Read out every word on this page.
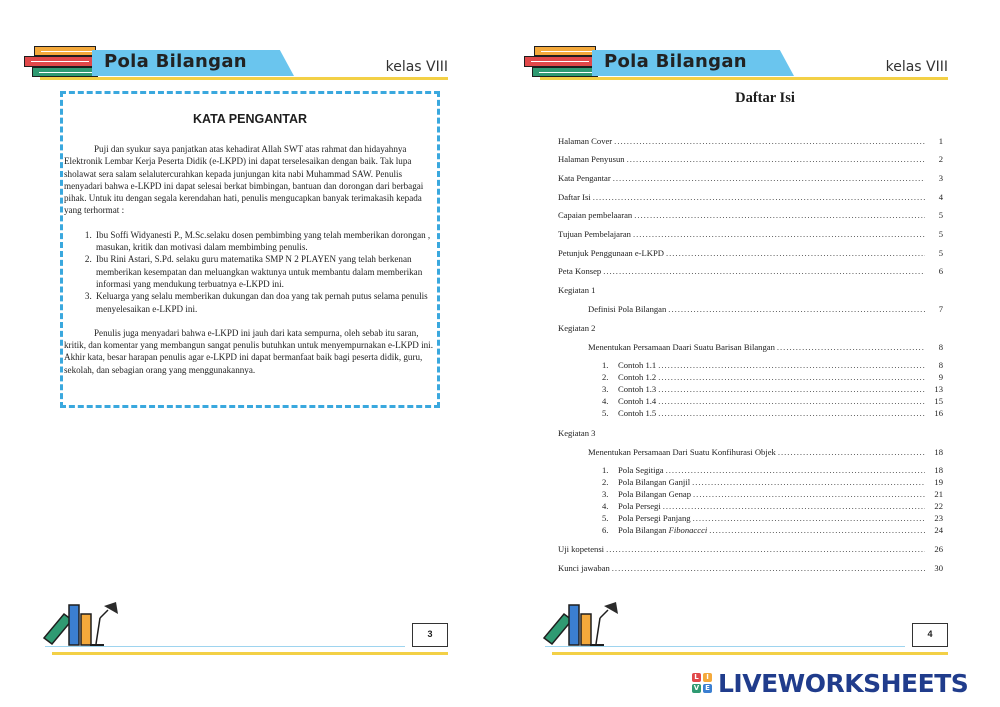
Pola Bilangan	kelas VIII
KATA PENGANTAR

Puji dan syukur saya panjatkan atas kehadirat Allah SWT atas rahmat dan hidayahnya Elektronik Lembar Kerja Peserta Didik (e-LKPD) ini dapat terselesaikan dengan baik. Tak lupa sholawat sera salam selalutercurahkan kepada junjungan kita nabi Muhammad SAW. Penulis menyadari bahwa e-LKPD ini dapat selesai berkat bimbingan, bantuan dan dorongan dari berbagai pihak. Untuk itu dengan segala kerendahan hati, penulis mengucapkan banyak terimakasih kepada yang terhormat :

1. Ibu Soffi Widyanesti P., M.Sc.selaku dosen pembimbing yang telah memberikan dorongan , masukan, kritik dan motivasi dalam membimbing penulis.
2. Ibu Rini Astari, S.Pd. selaku guru matematika SMP N 2 PLAYEN yang telah berkenan memberikan kesempatan dan meluangkan waktunya untuk membantu dalam memberikan informasi yang mendukung terbuatnya e-LKPD ini.
3. Keluarga yang selalu memberikan dukungan dan doa yang tak pernah putus selama penulis menyelesaikan e-LKPD ini.

Penulis juga menyadari bahwa e-LKPD ini jauh dari kata sempurna, oleh sebab itu saran, kritik, dan komentar yang membangun sangat penulis butuhkan untuk menyempurnakan e-LKPD ini. Akhir kata, besar harapan penulis agar e-LKPD ini dapat bermanfaat baik bagi peserta didik, guru, sekolah, dan sebagian orang yang menggunakannya.

3
Pola Bilangan	kelas VIII
Daftar Isi
Halaman Cover .....	1
Halaman Penyusun .....	2
Kata Pengantar .....	3
Daftar Isi .....	4
Capaian pembelaaran .....	5
Tujuan Pembelajaran .....	5
Petunjuk Penggunaan e-LKPD .....	5
Peta Konsep .....	6
Kegiatan 1
Definisi Pola Bilangan .....	7
Kegiatan 2
Menentukan Persamaan Daari Suatu Barisan Bilangan .....	8
1. Contoh 1.1 .....	8
2. Contoh 1.2 .....	9
3. Contoh 1.3 .....	13
4. Contoh 1.4 .....	15
5. Contoh 1.5 .....	16
Kegiatan 3
Menentukan Persamaan Dari Suatu Konfihurasi Objek .....	18
1. Pola Segitiga .....	18
2. Pola Bilangan Ganjil .....	19
3. Pola Bilangan Genap .....	21
4. Pola Persegi .....	22
5. Pola Persegi Panjang .....	23
6. Pola Bilangan Fibonaccci .....	24
Uji kopetensi .....	26
Kunci jawaban .....	30
4
L	I
V E LIVEWORKSHEETS
